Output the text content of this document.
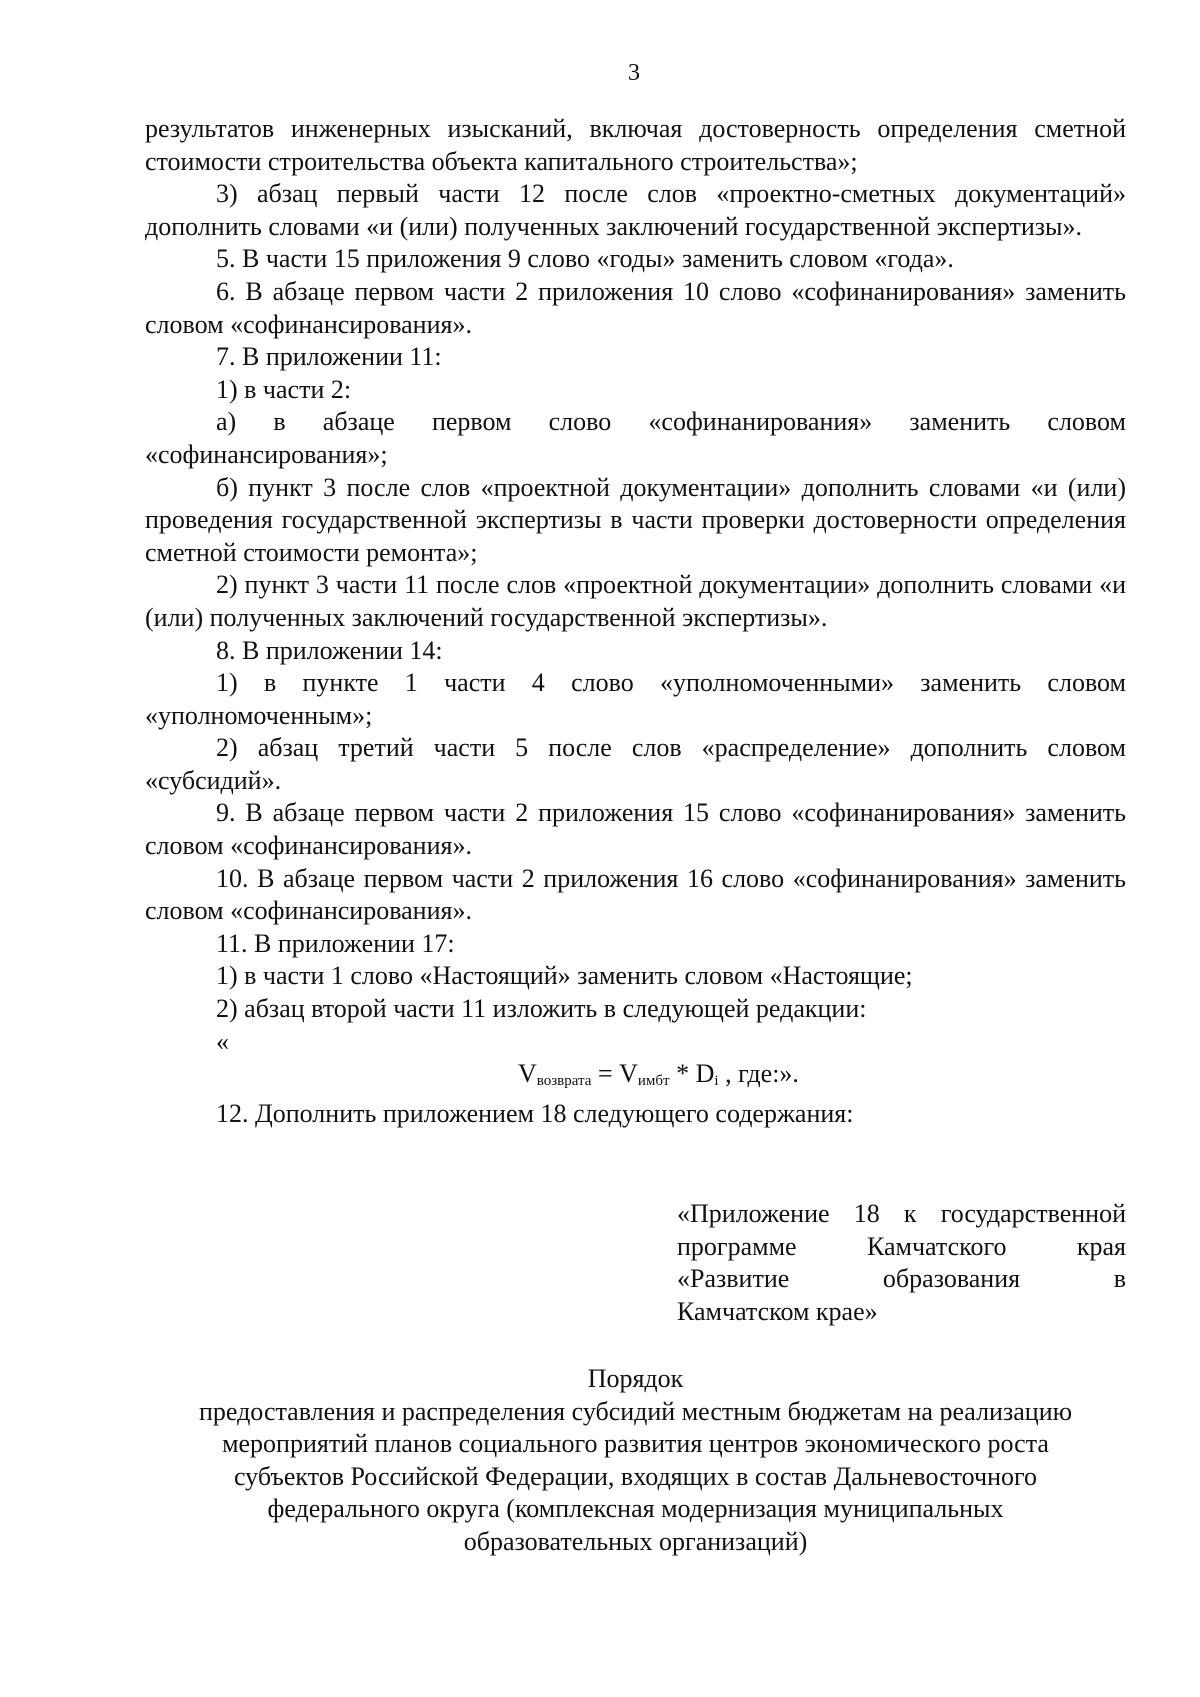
3

результатов инженерных изысканий, включая достоверность определения сметной стоимости строительства объекта капитального строительства»;

3) абзац первый части 12 после слов «проектно-сметных документаций» дополнить словами «и (или) полученных заключений государственной экспертизы».

5. В части 15 приложения 9 слово «годы» заменить словом «года».

6. В абзаце первом части 2 приложения 10 слово «софинанирования» заменить словом «софинансирования».

7. В приложении 11:

1) в части 2:

а) в абзаце первом слово «софинанирования» заменить словом «софинансирования»;

б) пункт 3 после слов «проектной документации» дополнить словами «и (или) проведения государственной экспертизы в части проверки достоверности определения сметной стоимости ремонта»;

2) пункт 3 части 11 после слов «проектной документации» дополнить словами «и (или) полученных заключений государственной экспертизы».

8. В приложении 14:

1) в пункте 1 части 4 слово «уполномоченными» заменить словом «уполномоченным»;

2) абзац третий части 5 после слов «распределение» дополнить словом «субсидий».

9. В абзаце первом части 2 приложения 15 слово «софинанирования» заменить словом «софинансирования».

10. В абзаце первом части 2 приложения 16 слово «софинанирования» заменить словом «софинансирования».

11. В приложении 17:

1) в части 1 слово «Настоящий» заменить словом «Настоящие;

2) абзац второй части 11 изложить в следующей редакции:

«

$V_{возврата} = V_{имбт} * D_i$ , где:».

12. Дополнить приложением 18 следующего содержания:

«Приложение 18 к государственной
программе Камчатского края
«Развитие образования в
Камчатском крае»
Порядок
предоставления и распределения субсидий местным бюджетам на реализацию
мероприятий планов социального развития центров экономического роста
субъектов Российской Федерации, входящих в состав Дальневосточного
федерального округа (комплексная модернизация муниципальных
образовательных организаций)
